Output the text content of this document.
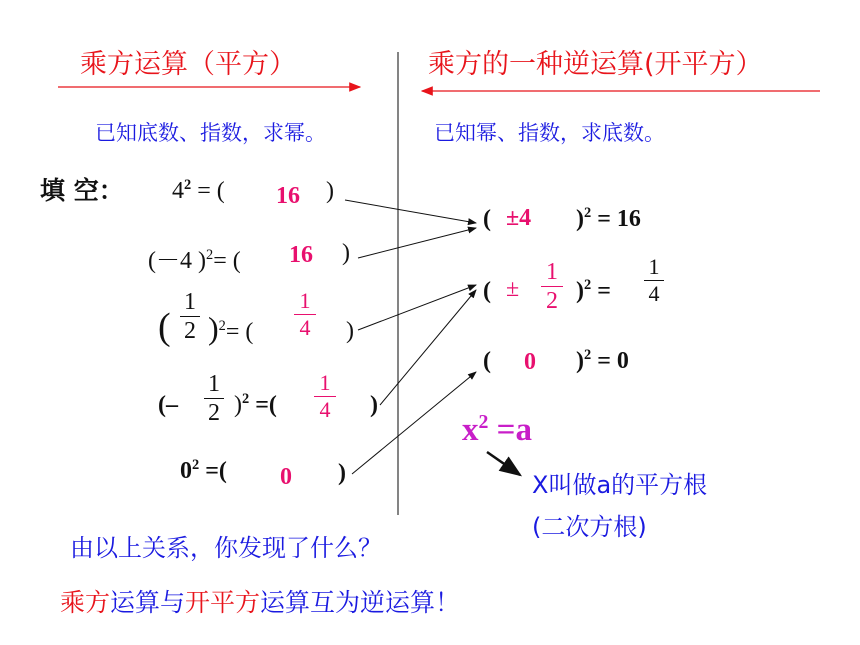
乘方运算（平方）	乘方的一种逆运算(开平方）
已知底数、指数，求幂。	已知幂、指数，求底数。
填 空： $4^2$ = ( 16 )
(－4 )$^2$= ( 16 )
(
1
2 )$^2$= (
1
4 )
(–
1
2 )$^2$ =(
1
4 )
$0^2$ =( 0 )
( ±4 )$^2$ = 16
( ±
1
2 )$^2$ =
1
4
( 0 )$^2$ = 0
$x^2 =a$
X叫做a的平方根
(二次方根)
由以上关系，你发现了什么？
乘方运算与开平方运算互为逆运算！
